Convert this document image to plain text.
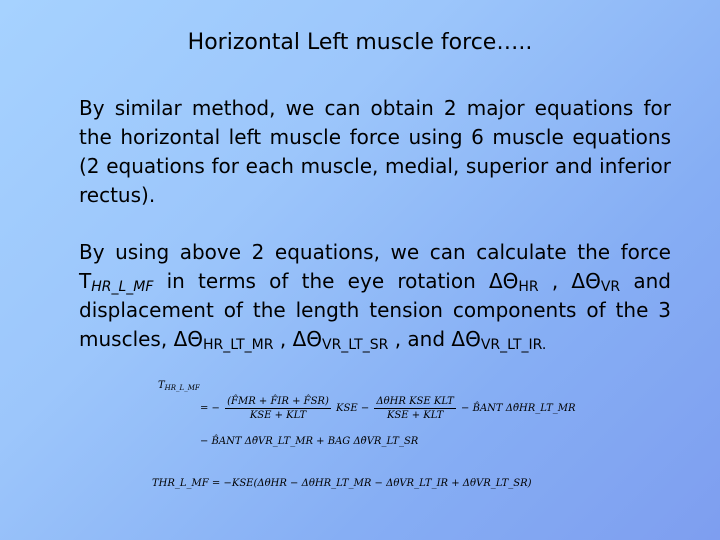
Horizontal Left muscle force…..
By similar method, we can obtain 2 major equations for the horizontal left muscle force using 6 muscle equations (2 equations for each muscle, medial, superior and inferior rectus).
By using above 2 equations, we can calculate the force $T_{HR\_L\_MF}$ in terms of the eye rotation $\Delta\Theta_{HR}$ , $\Delta\Theta_{VR}$ and displacement of the length tension components of the 3 muscles, $\Delta\Theta_{HR\_LT\_MR}$ , $\Delta\Theta_{VR\_LT\_SR}$ , and $\Delta\Theta_{VR\_LT\_IR.}$
$T_{HR\_L\_MF}$
= − $\frac{(F̂MR + F̂IR + F̂SR)}{\text{KSE + KLT}}$ KSE − $\frac{\text{ΔθHR KSE KLT}}{\text{KSE + KLT}}$ − B̂ANT Δθ̇HR_LT_MR
− B̂ANT Δθ̇VR_LT_MR + BAG Δθ̇VR_LT_SR
THR_L_MF = −KSE(ΔθHR − ΔθHR_LT_MR − ΔθVR_LT_IR + ΔθVR_LT_SR)
